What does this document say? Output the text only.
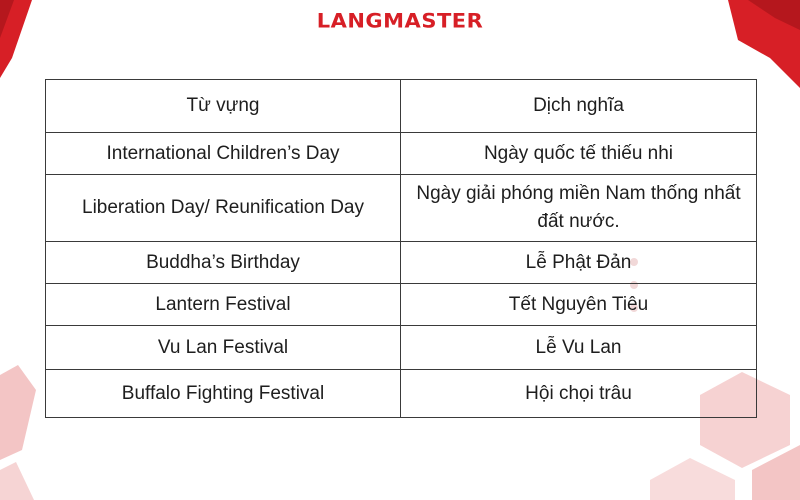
LANGMASTER
Từ vựng	Dịch nghĩa
International Children’s Day	Ngày quốc tế thiếu nhi
Liberation Day/ Reunification Day	Ngày giải phóng miền Nam thống nhất đất nước.
Buddha’s Birthday	Lễ Phật Đản
Lantern Festival	Tết Nguyên Tiêu
Vu Lan Festival	Lễ Vu Lan
Buffalo Fighting Festival	Hội chọi trâu
